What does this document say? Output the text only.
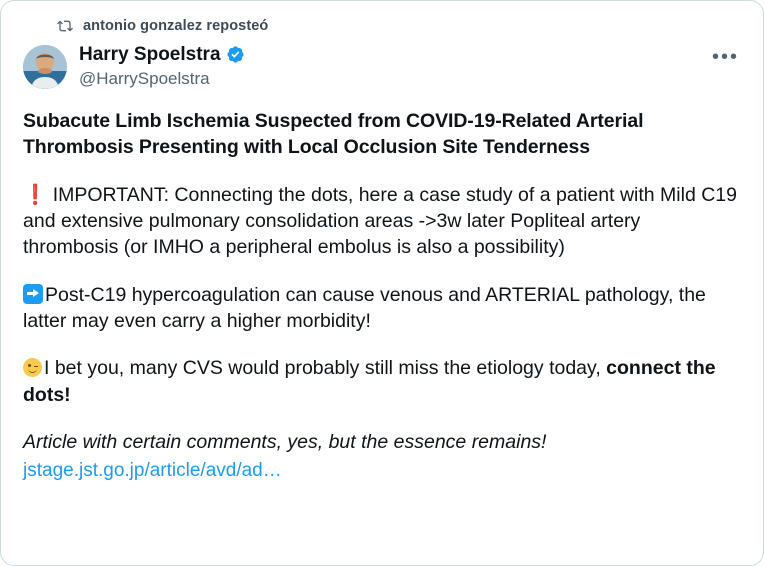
antonio gonzalez reposteó
Harry Spoelstra
@HarrySpoelstra
•••
Subacute Limb Ischemia Suspected from COVID-19-Related Arterial Thrombosis Presenting with Local Occlusion Site Tenderness
❗ IMPORTANT: Connecting the dots, here a case study of a patient with Mild C19 and extensive pulmonary consolidation areas ->3w later Popliteal artery thrombosis (or IMHO a peripheral embolus is also a possibility)
Post-C19 hypercoagulation can cause venous and ARTERIAL pathology, the latter may even carry a higher morbidity!
I bet you, many CVS would probably still miss the etiology today, connect the dots!
Article with certain comments, yes, but the essence remains!
jstage.jst.go.jp/article/avd/ad…
